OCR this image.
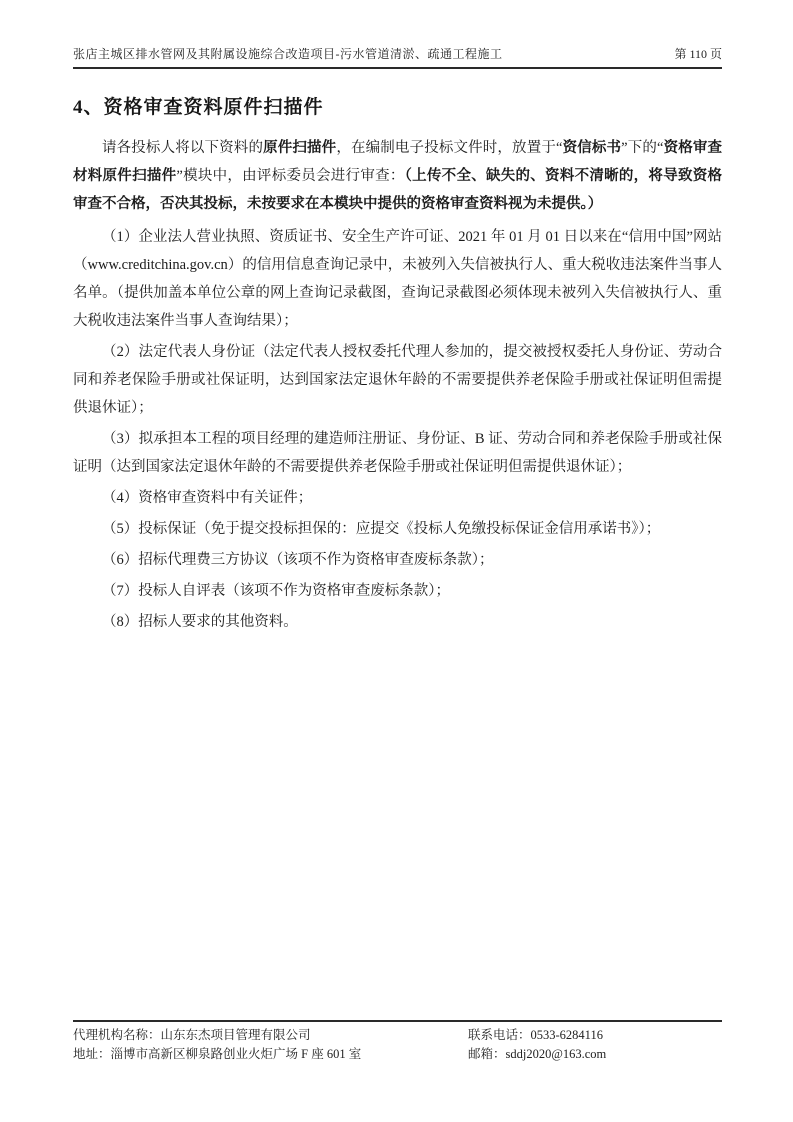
张店主城区排水管网及其附属设施综合改造项目-污水管道清淤、疏通工程施工	第 110 页
4、资格审查资料原件扫描件

请各投标人将以下资料的原件扫描件，在编制电子投标文件时，放置于“资信标书”下的“资格审查材料原件扫描件”模块中，由评标委员会进行审查：（上传不全、缺失的、资料不清晰的，将导致资格审查不合格，否决其投标，未按要求在本模块中提供的资格审查资料视为未提供。）

（1）企业法人营业执照、资质证书、安全生产许可证、2021 年 01 月 01 日以来在“信用中国”网站（www.creditchina.gov.cn）的信用信息查询记录中，未被列入失信被执行人、重大税收违法案件当事人名单。（提供加盖本单位公章的网上查询记录截图，查询记录截图必须体现未被列入失信被执行人、重大税收违法案件当事人查询结果）；

（2）法定代表人身份证（法定代表人授权委托代理人参加的，提交被授权委托人身份证、劳动合同和养老保险手册或社保证明，达到国家法定退休年龄的不需要提供养老保险手册或社保证明但需提供退休证）；

（3）拟承担本工程的项目经理的建造师注册证、身份证、B 证、劳动合同和养老保险手册或社保证明（达到国家法定退休年龄的不需要提供养老保险手册或社保证明但需提供退休证）；

（4）资格审查资料中有关证件；

（5）投标保证（免于提交投标担保的：应提交《投标人免缴投标保证金信用承诺书》）；

（6）招标代理费三方协议（该项不作为资格审查废标条款）；

（7）投标人自评表（该项不作为资格审查废标条款）；

（8）招标人要求的其他资料。

代理机构名称：山东东杰项目管理有限公司	联系电话：0533-6284116
地址：淄博市高新区柳泉路创业火炬广场 F 座 601 室	邮箱：sddj2020@163.com
